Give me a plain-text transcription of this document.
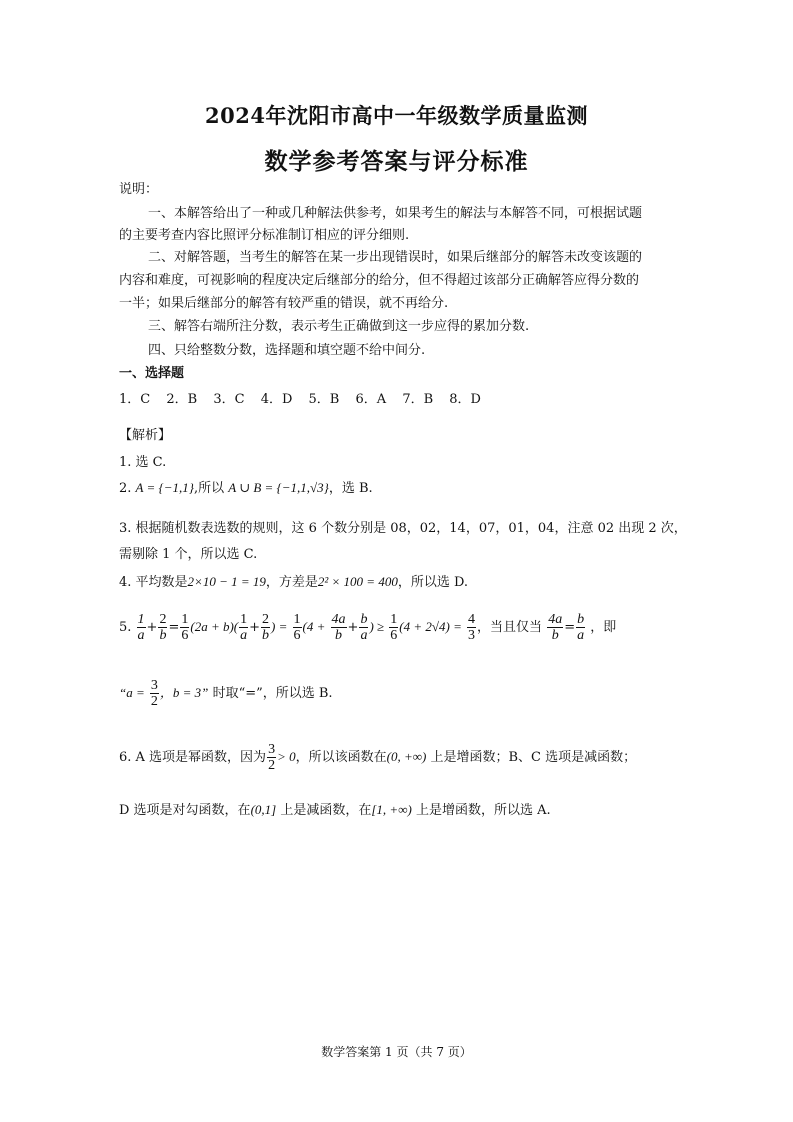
2024年沈阳市高中一年级数学质量监测
数学参考答案与评分标准
说明：
一、本解答给出了一种或几种解法供参考，如果考生的解法与本解答不同，可根据试题
的主要考查内容比照评分标准制订相应的评分细则.
二、对解答题，当考生的解答在某一步出现错误时，如果后继部分的解答未改变该题的
内容和难度，可视影响的程度决定后继部分的给分，但不得超过该部分正确解答应得分数的
一半；如果后继部分的解答有较严重的错误，就不再给分.
三、解答右端所注分数，表示考生正确做到这一步应得的累加分数.
四、只给整数分数，选择题和填空题不给中间分.
一、选择题
1．C 2．B 3．C 4．D 5．B 6．A 7．B 8．D
【解析】
1. 选 C.
2. A = {−1,1},所以 A ∪ B = {−1,1,√3}，选 B.
3. 根据随机数表选数的规则，这 6 个数分别是 08，02，14，07，01，04，注意 02 出现 2 次，
需剔除 1 个，所以选 C.
4. 平均数是2×10 − 1 = 19，方差是2² × 100 = 400，所以选 D.
5. $\frac{1}{a} + \frac{2}{b} = \frac{1}{6} (2a + b)( \frac{1}{a} + \frac{2}{b}$ ) = $\frac{1}{6} (4 + \frac{4a}{b} + \frac{b}{a}$ ) ≥ $\frac{1}{6} (4 + 2√4) = \frac{4}{3}$ ，当且仅当 $\frac{4a}{b} = \frac{b}{a}$ ，即
“$a = \frac{3}{2}$ ，b = 3” 时取“=”，所以选 B.
6. A 选项是幂函数，因为 $\frac{3}{2} > 0$，所以该函数在(0, +∞) 上是增函数；B、C 选项是减函数；
D 选项是对勾函数，在(0,1] 上是减函数，在[1, +∞) 上是增函数，所以选 A.
数学答案第 1 页（共 7 页）
